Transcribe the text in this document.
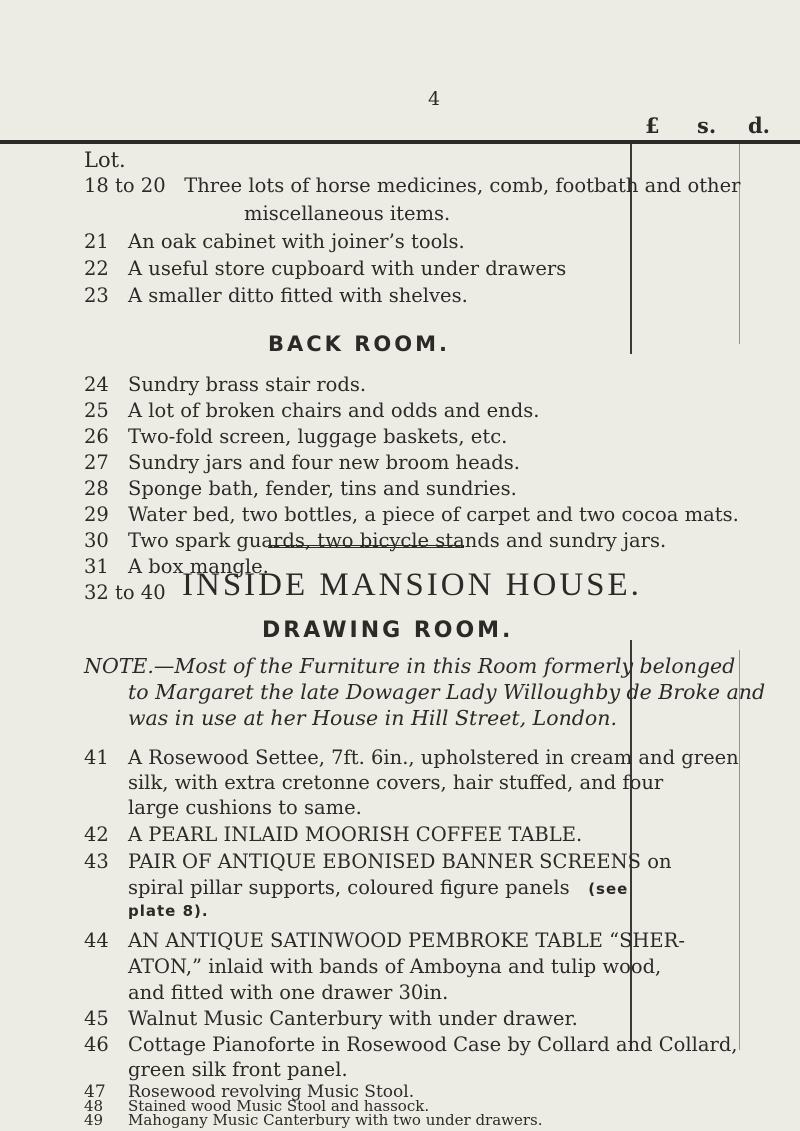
4
£ s. d.
Lot.
18 to 20 Three lots of horse medicines, comb, footbath and other
miscellaneous items.
21 An oak cabinet with joiner’s tools.
22 A useful store cupboard with under drawers
23 A smaller ditto fitted with shelves.
BACK ROOM.
24 Sundry brass stair rods.
25 A lot of broken chairs and odds and ends.
26 Two-fold screen, luggage baskets, etc.
27 Sundry jars and four new broom heads.
28 Sponge bath, fender, tins and sundries.
29 Water bed, two bottles, a piece of carpet and two cocoa mats.
30 Two spark guards, two bicycle stands and sundry jars.
31 A box mangle.
32 to 40 INSIDE MANSION HOUSE.
DRAWING ROOM.
NOTE.—Most of the Furniture in this Room formerly belonged
to Margaret the late Dowager Lady Willoughby de Broke and
was in use at her House in Hill Street, London.
41 A Rosewood Settee, 7ft. 6in., upholstered in cream and green
silk, with extra cretonne covers, hair stuffed, and four
large cushions to same.
42 A PEARL INLAID MOORISH COFFEE TABLE.
43 PAIR OF ANTIQUE EBONISED BANNER SCREENS on
spiral pillar supports, coloured figure panels (see
plate 8).
44 AN ANTIQUE SATINWOOD PEMBROKE TABLE “SHER-
ATON,” inlaid with bands of Amboyna and tulip wood,
and fitted with one drawer 30in.
45 Walnut Music Canterbury with under drawer.
46 Cottage Pianoforte in Rosewood Case by Collard and Collard,
green silk front panel.
47 Rosewood revolving Music Stool.
48 Stained wood Music Stool and hassock.
49 Mahogany Music Canterbury with two under drawers.
